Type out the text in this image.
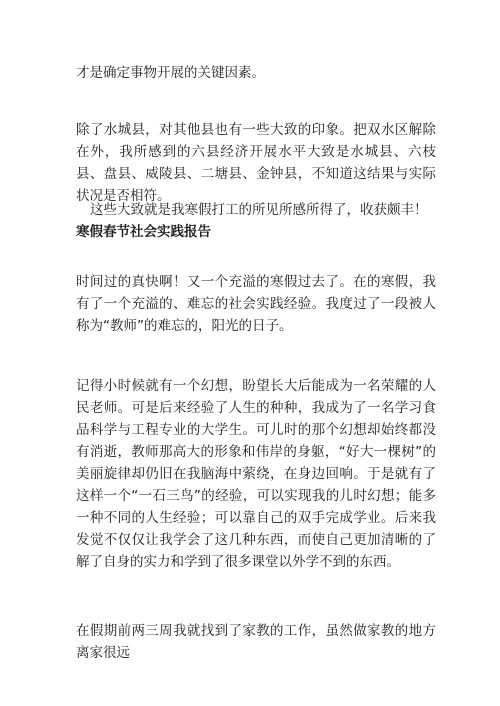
才是确定事物开展的关键因素。

除了水城县，对其他县也有一些大致的印象。把双水区解除在外，我所感到的六县经济开展水平大致是水城县、六枝县、盘县、威陵县、二塘县、金钟县，不知道这结果与实际状况是否相符。

这些大致就是我寒假打工的所见所感所得了，收获颇丰！

寒假春节社会实践报告

时间过的真快啊！又一个充溢的寒假过去了。在的寒假，我有了一个充溢的、难忘的社会实践经验。我度过了一段被人称为“教师”的难忘的，阳光的日子。

记得小时候就有一个幻想，盼望长大后能成为一名荣耀的人民老师。可是后来经验了人生的种种，我成为了一名学习食品科学与工程专业的大学生。可儿时的那个幻想却始终都没有消逝，教师那高大的形象和伟岸的身躯，“好大一棵树”的美丽旋律却仍旧在我脑海中萦绕，在身边回响。于是就有了这样一个“一石三鸟”的经验，可以实现我的儿时幻想；能多一种不同的人生经验；可以靠自己的双手完成学业。后来我发觉不仅仅让我学会了这几种东西，而使自己更加清晰的了解了自身的实力和学到了很多课堂以外学不到的东西。

在假期前两三周我就找到了家教的工作，虽然做家教的地方离家很远
